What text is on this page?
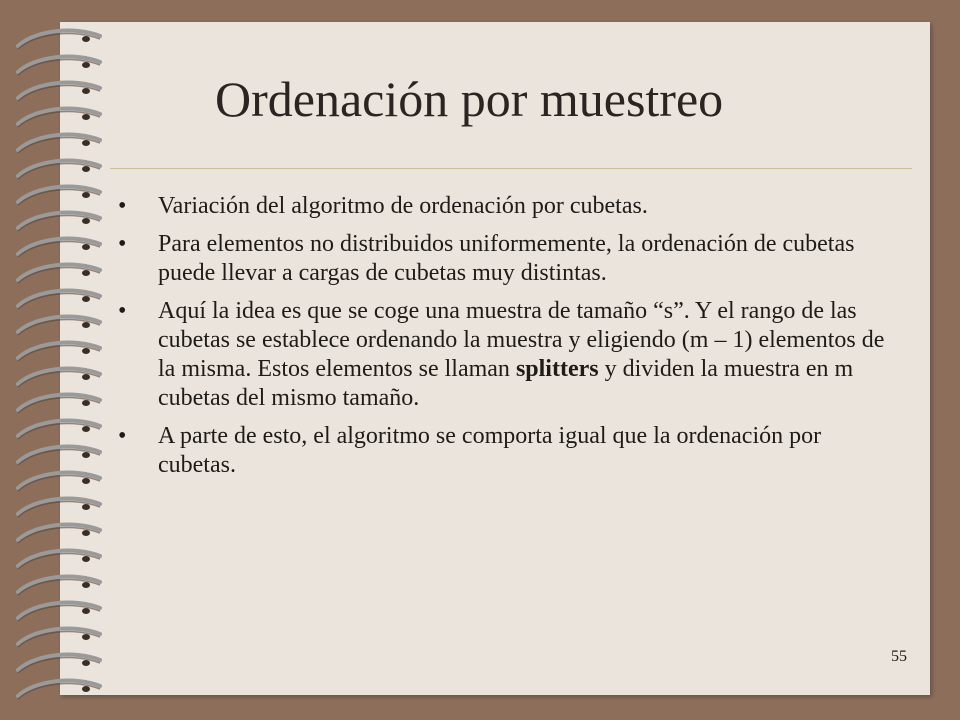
Ordenación por muestreo
• Variación del algoritmo de ordenación por cubetas.
• Para elementos no distribuidos uniformemente, la ordenación de cubetas puede llevar a cargas de cubetas muy distintas.
• Aquí la idea es que se coge una muestra de tamaño “s”. Y el rango de las cubetas se establece ordenando la muestra y eligiendo (m – 1) elementos de la misma. Estos elementos se llaman splitters y dividen la muestra en m cubetas del mismo tamaño.
• A parte de esto, el algoritmo se comporta igual que la ordenación por cubetas.
55
